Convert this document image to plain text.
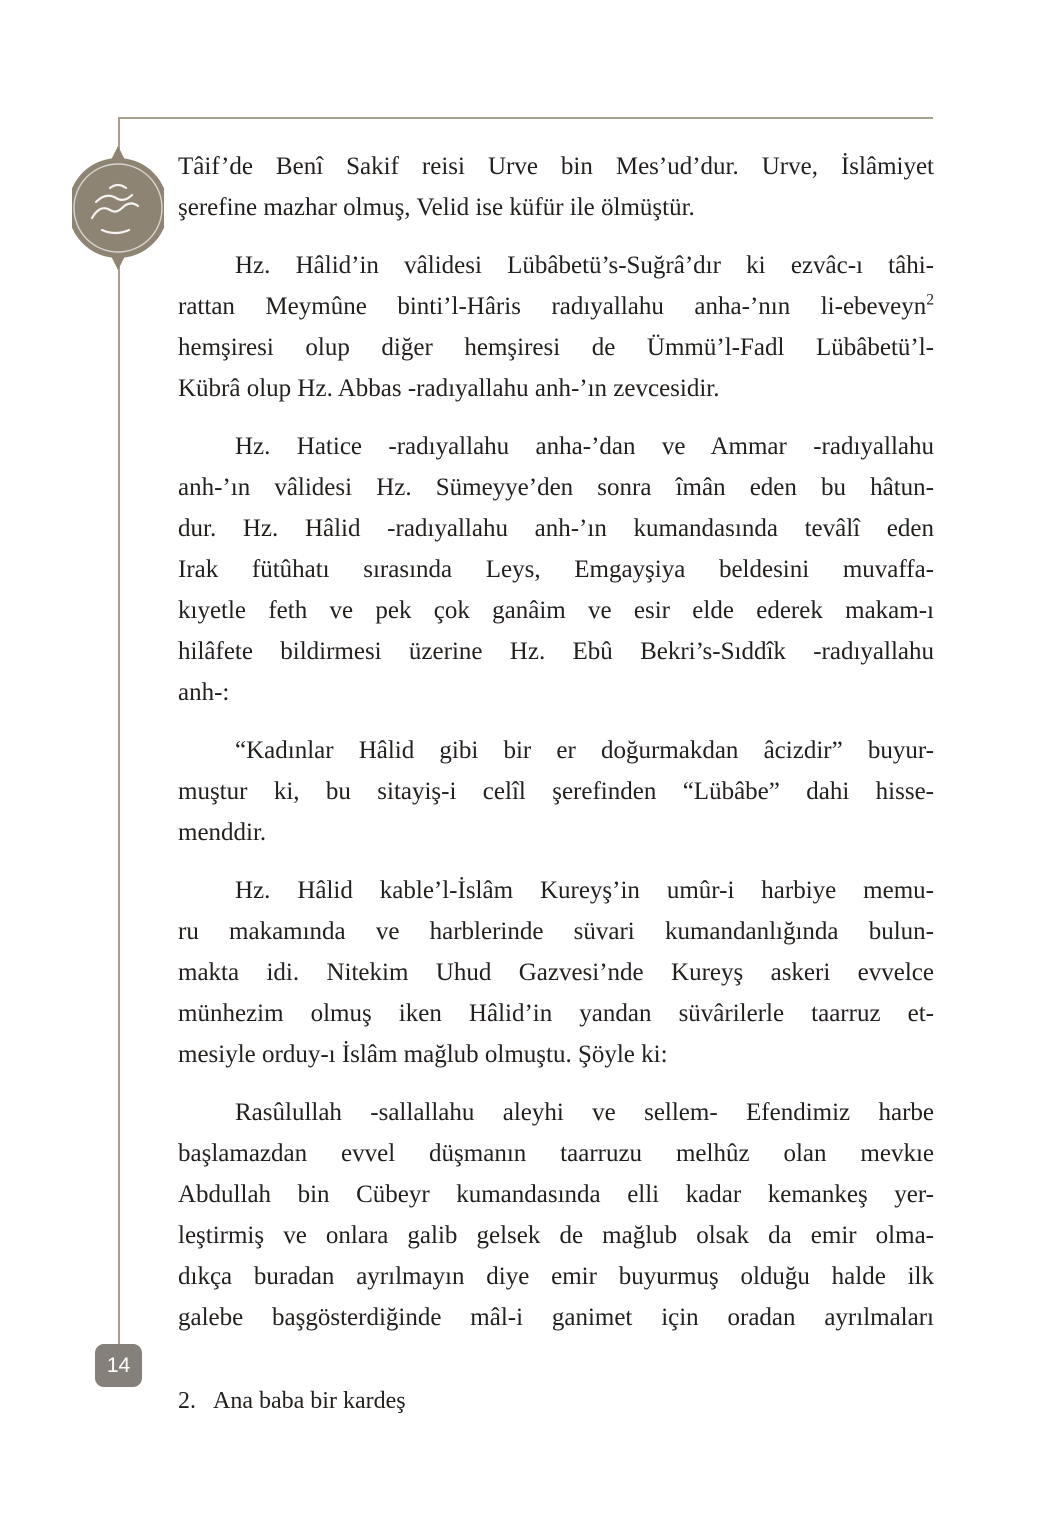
Tâif’de Benî Sakif reisi Urve bin Mes’ud’dur. Urve, İslâmiyet
şerefine mazhar olmuş, Velid ise küfür ile ölmüştür.
Hz. Hâlid’in vâlidesi Lübâbetü’s-Suğrâ’dır ki ezvâc-ı tâhi-
rattan Meymûne binti’l-Hâris radıyallahu anha-’nın li-ebeveyn$^2$
hemşiresi olup diğer hemşiresi de Ümmü’l-Fadl Lübâbetü’l-
Kübrâ olup Hz. Abbas -radıyallahu anh-’ın zevcesidir.
Hz. Hatice -radıyallahu anha-’dan ve Ammar -radıyallahu
anh-’ın vâlidesi Hz. Sümeyye’den sonra îmân eden bu hâtun-
dur. Hz. Hâlid -radıyallahu anh-’ın kumandasında tevâlî eden
Irak fütûhatı sırasında Leys, Emgayşiya beldesini muvaffa-
kıyetle feth ve pek çok ganâim ve esir elde ederek makam-ı
hilâfete bildirmesi üzerine Hz. Ebû Bekri’s-Sıddîk -radıyallahu
anh-:
“Kadınlar Hâlid gibi bir er doğurmakdan âcizdir” buyur-
muştur ki, bu sitayiş-i celîl şerefinden “Lübâbe” dahi hisse-
menddir.
Hz. Hâlid kable’l-İslâm Kureyş’in umûr-i harbiye memu-
ru makamında ve harblerinde süvari kumandanlığında bulun-
makta idi. Nitekim Uhud Gazvesi’nde Kureyş askeri evvelce
münhezim olmuş iken Hâlid’in yandan süvârilerle taarruz et-
mesiyle orduy-ı İslâm mağlub olmuştu. Şöyle ki:
Rasûlullah -sallallahu aleyhi ve sellem- Efendimiz harbe
başlamazdan evvel düşmanın taarruzu melhûz olan mevkıe
Abdullah bin Cübeyr kumandasında elli kadar kemankeş yer-
leştirmiş ve onlara galib gelsek de mağlub olsak da emir olma-
dıkça buradan ayrılmayın diye emir buyurmuş olduğu halde ilk
galebe başgösterdiğinde mâl-i ganimet için oradan ayrılmaları
2. Ana baba bir kardeş
14
